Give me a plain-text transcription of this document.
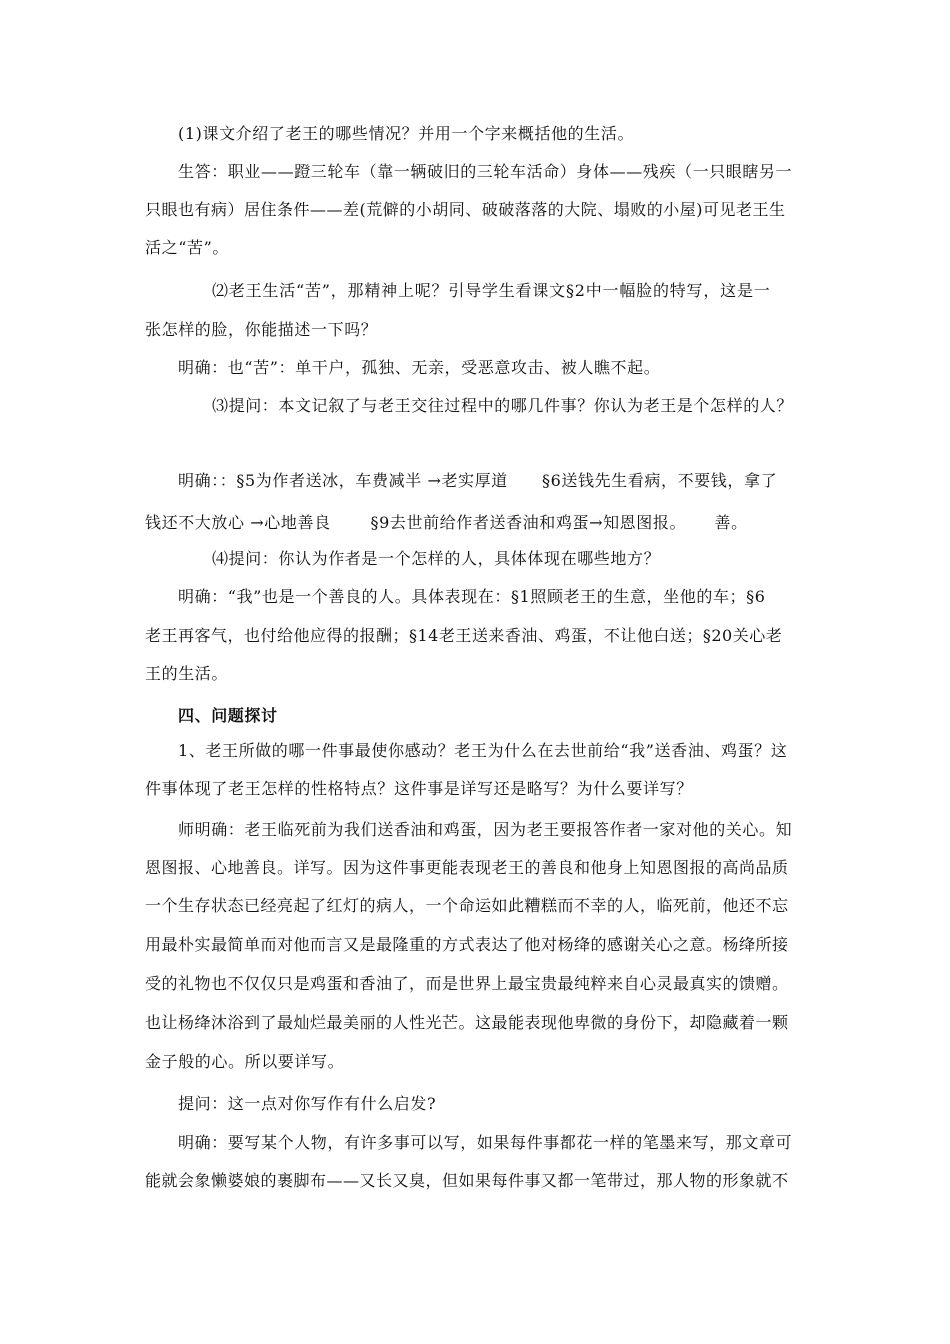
(1)课文介绍了老王的哪些情况？并用一个字来概括他的生活。
生答：职业——蹬三轮车（靠一辆破旧的三轮车活命）身体——残疾（一只眼瞎另一
只眼也有病）居住条件——差(荒僻的小胡同、破破落落的大院、塌败的小屋)可见老王生
活之“苦”。
⑵老王生活“苦”，那精神上呢？引导学生看课文§2中一幅脸的特写，这是一
张怎样的脸，你能描述一下吗？
明确：也“苦”：单干户，孤独、无亲，受恶意攻击、被人瞧不起。
⑶提问：本文记叙了与老王交往过程中的哪几件事？你认为老王是个怎样的人？
明确：：§5为作者送冰，车费减半 →老实厚道      §6送钱先生看病，不要钱，拿了
钱还不大放心 →心地善良       §9去世前给作者送香油和鸡蛋→知恩图报。     善。
⑷提问：你认为作者是一个怎样的人，具体体现在哪些地方？
明确：“我”也是一个善良的人。具体表现在：§1照顾老王的生意，坐他的车；§6
老王再客气，也付给他应得的报酬；§14老王送来香油、鸡蛋，不让他白送；§20关心老
王的生活。
四、问题探讨
1、老王所做的哪一件事最使你感动？老王为什么在去世前给“我”送香油、鸡蛋？这
件事体现了老王怎样的性格特点？这件事是详写还是略写？为什么要详写？
师明确：老王临死前为我们送香油和鸡蛋，因为老王要报答作者一家对他的关心。知
恩图报、心地善良。详写。因为这件事更能表现老王的善良和他身上知恩图报的高尚品质
一个生存状态已经亮起了红灯的病人，一个命运如此糟糕而不幸的人，临死前，他还不忘
用最朴实最简单而对他而言又是最隆重的方式表达了他对杨绛的感谢关心之意。杨绛所接
受的礼物也不仅仅只是鸡蛋和香油了，而是世界上最宝贵最纯粹来自心灵最真实的馈赠。
也让杨绛沐浴到了最灿烂最美丽的人性光芒。这最能表现他卑微的身份下，却隐藏着一颗
金子般的心。所以要详写。
提问：这一点对你写作有什么启发?
明确：要写某个人物，有许多事可以写，如果每件事都花一样的笔墨来写，那文章可
能就会象懒婆娘的裹脚布——又长又臭，但如果每件事又都一笔带过，那人物的形象就不
